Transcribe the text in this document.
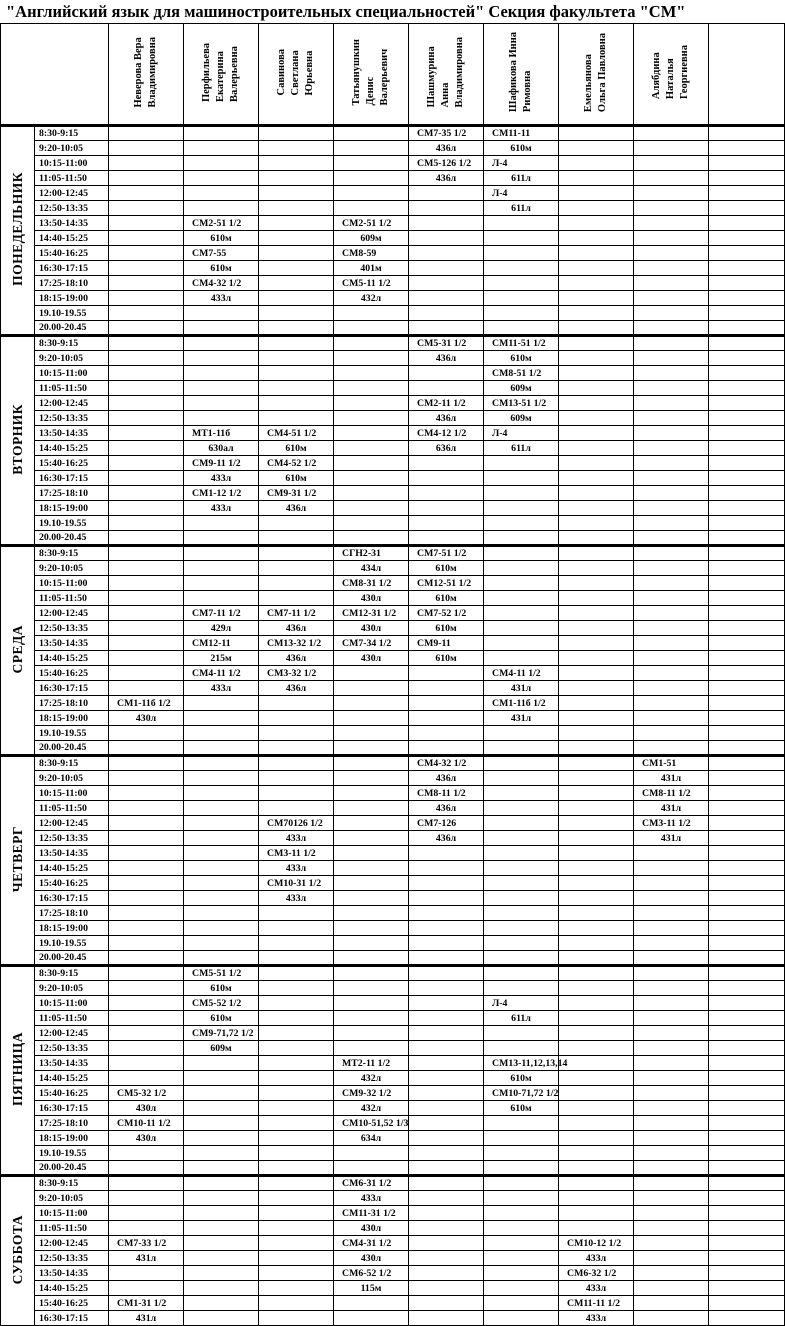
"Английский язык для машиностроительных специальностей" Секция факультета "СМ"
		Неверова Вера
Владимировна	Перфильева
Екатерина
Валерьевна	Савинова
Светлана
Юрьевна	Татьянушкин
Денис
Валерьевич	Шашмурина
Анна
Владимировна	Шафикова Инна
Римовна	Емельянова
Ольга Павловна	Алябдина
Наталья
Георгиевна	
ПОНЕДЕЛЬНИК	8:30-9:15					СМ7-35 1/2	СМ11-11			
	9:20-10:05					436л	610м			
	10:15-11:00					СМ5-126 1/2	Л-4			
	11:05-11:50					436л	611л			
	12:00-12:45						Л-4			
	12:50-13:35						611л			
	13:50-14:35		СМ2-51 1/2		СМ2-51 1/2					
	14:40-15:25		610м		609м					
	15:40-16:25		СМ7-55		СМ8-59					
	16:30-17:15		610м		401м					
	17:25-18:10		СМ4-32 1/2		СМ5-11 1/2					
	18:15-19:00		433л		432л					
	19.10-19.55									
	20.00-20.45									
ВТОРНИК	8:30-9:15					СМ5-31 1/2	СМ11-51 1/2			
	9:20-10:05					436л	610м			
	10:15-11:00						СМ8-51 1/2			
	11:05-11:50						609м			
	12:00-12:45					СМ2-11 1/2	СМ13-51 1/2			
	12:50-13:35					436л	609м			
	13:50-14:35		МТ1-11б	СМ4-51 1/2		СМ4-12 1/2	Л-4			
	14:40-15:25		630ал	610м		636л	611л			
	15:40-16:25		СМ9-11 1/2	СМ4-52 1/2						
	16:30-17:15		433л	610м						
	17:25-18:10		СМ1-12 1/2	СМ9-31 1/2						
	18:15-19:00		433л	436л						
	19.10-19.55									
	20.00-20.45									
СРЕДА	8:30-9:15				СГН2-31	СМ7-51 1/2				
	9:20-10:05				434л	610м				
	10:15-11:00				СМ8-31 1/2	СМ12-51 1/2				
	11:05-11:50				430л	610м				
	12:00-12:45		СМ7-11 1/2	СМ7-11 1/2	СМ12-31 1/2	СМ7-52 1/2				
	12:50-13:35		429л	436л	430л	610м				
	13:50-14:35		СМ12-11	СМ13-32 1/2	СМ7-34 1/2	СМ9-11				
	14:40-15:25		215м	436л	430л	610м				
	15:40-16:25		СМ4-11 1/2	СМ3-32 1/2			СМ4-11 1/2			
	16:30-17:15		433л	436л			431л			
	17:25-18:10	СМ1-11б 1/2					СМ1-11б 1/2			
	18:15-19:00	430л					431л			
	19.10-19.55									
	20.00-20.45									
ЧЕТВЕРГ	8:30-9:15					СМ4-32 1/2			СМ1-51	
	9:20-10:05					436л			431л	
	10:15-11:00					СМ8-11 1/2			СМ8-11 1/2	
	11:05-11:50					436л			431л	
	12:00-12:45			СМ70126 1/2		СМ7-126			СМ3-11 1/2	
	12:50-13:35			433л		436л			431л	
	13:50-14:35			СМ3-11 1/2						
	14:40-15:25			433л						
	15:40-16:25			СМ10-31 1/2						
	16:30-17:15			433л						
	17:25-18:10									
	18:15-19:00									
	19.10-19.55									
	20.00-20.45									
ПЯТНИЦА	8:30-9:15		СМ5-51 1/2							
	9:20-10:05		610м							
	10:15-11:00		СМ5-52 1/2				Л-4			
	11:05-11:50		610м				611л			
	12:00-12:45		СМ9-71,72 1/2							
	12:50-13:35		609м							
	13:50-14:35				МТ2-11 1/2		СМ13-11,12,13,14			
	14:40-15:25				432л		610м			
	15:40-16:25	СМ5-32 1/2			СМ9-32 1/2		СМ10-71,72 1/2			
	16:30-17:15	430л			432л		610м			
	17:25-18:10	СМ10-11 1/2			СМ10-51,52 1/3					
	18:15-19:00	430л			634л					
	19.10-19.55									
	20.00-20.45									
СУББОТА	8:30-9:15				СМ6-31 1/2					
	9:20-10:05				433л					
	10:15-11:00				СМ11-31 1/2					
	11:05-11:50				430л					
	12:00-12:45	СМ7-33 1/2			СМ4-31 1/2			СМ10-12 1/2		
	12:50-13:35	431л			430л			433л		
	13:50-14:35				СМ6-52 1/2			СМ6-32 1/2		
	14:40-15:25				115м			433л		
	15:40-16:25	СМ1-31 1/2						СМ11-11 1/2		
	16:30-17:15	431л						433л		
